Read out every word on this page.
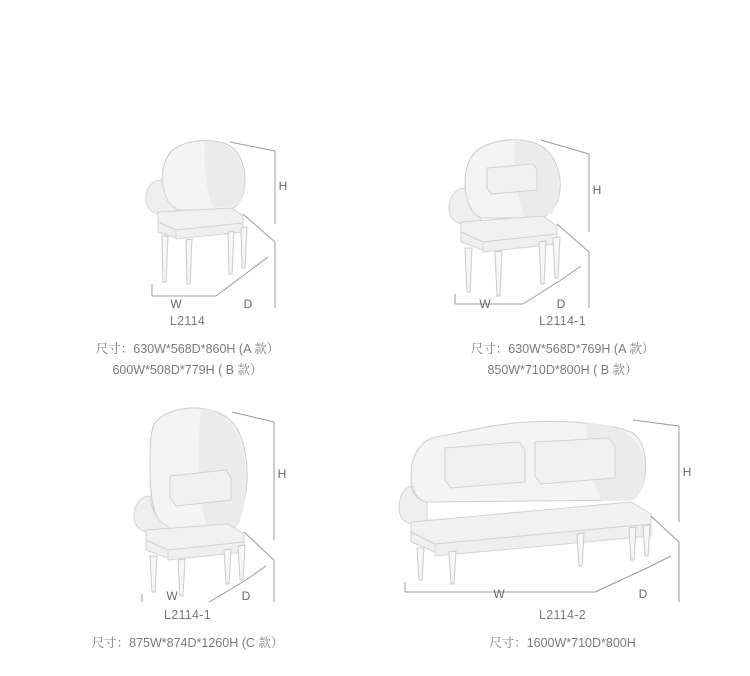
H
W	D
L2114
尺寸：630W*568D*860H (A 款）
600W*508D*779H ( B 款）
H
W	D
L2114-1
尺寸：630W*568D*769H (A 款）
850W*710D*800H ( B 款）
H
W	D
L2114-1
尺寸：875W*874D*1260H (C 款）
H
W	D
L2114-2
尺寸：1600W*710D*800H
